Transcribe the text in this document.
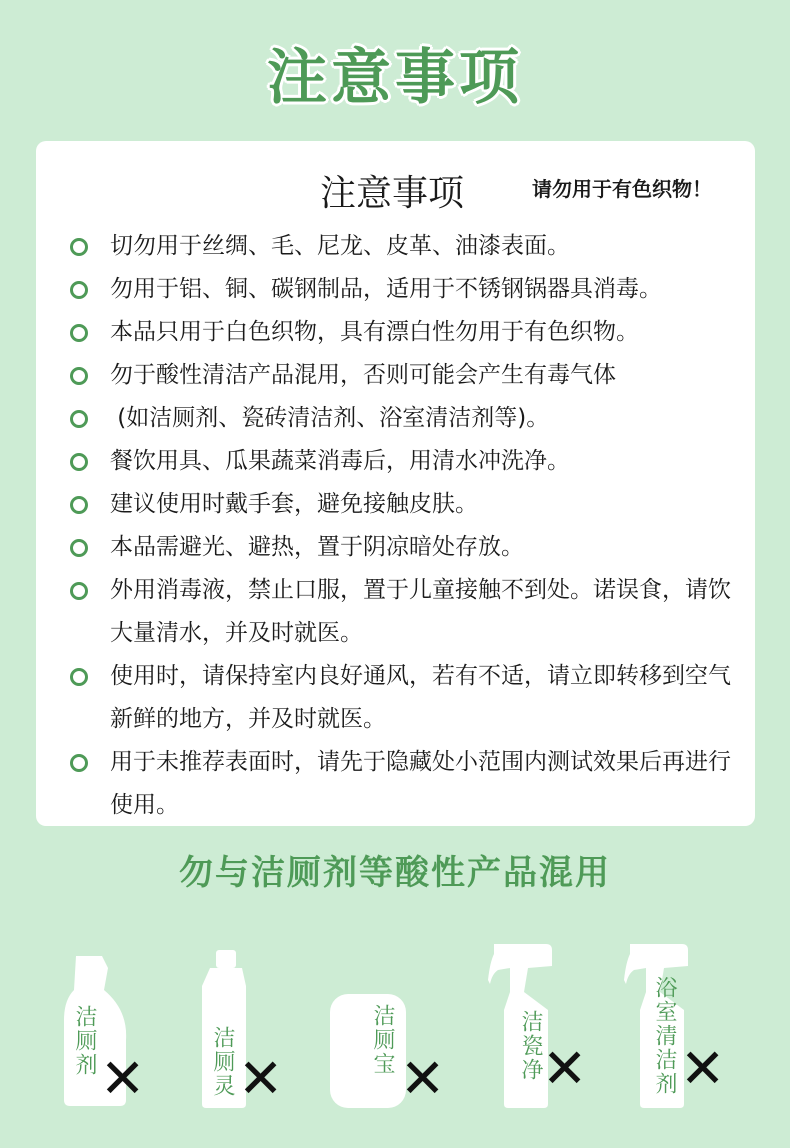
注意事项
注意事项	请勿用于有色织物！
切勿用于丝绸、毛、尼龙、皮革、油漆表面。
勿用于铝、铜、碳钢制品，适用于不锈钢锅器具消毒。
本品只用于白色织物，具有漂白性勿用于有色织物。
勿于酸性清洁产品混用，否则可能会产生有毒气体
(如洁厕剂、瓷砖清洁剂、浴室清洁剂等)。
餐饮用具、瓜果蔬菜消毒后，用清水冲洗净。
建议使用时戴手套，避免接触皮肤。
本品需避光、避热，置于阴凉暗处存放。
外用消毒液，禁止口服，置于儿童接触不到处。诺误食，请饮大量清水，并及时就医。
使用时，请保持室内良好通风，若有不适，请立即转移到空气新鲜的地方，并及时就医。
用于未推荐表面时，请先于隐藏处小范围内测试效果后再进行使用。
勿与洁厕剂等酸性产品混用
洁厕剂
✕	洁厕灵 ✕
洁厕宝
✕	洁瓷净 ✕	浴室清洁剂 ✕
